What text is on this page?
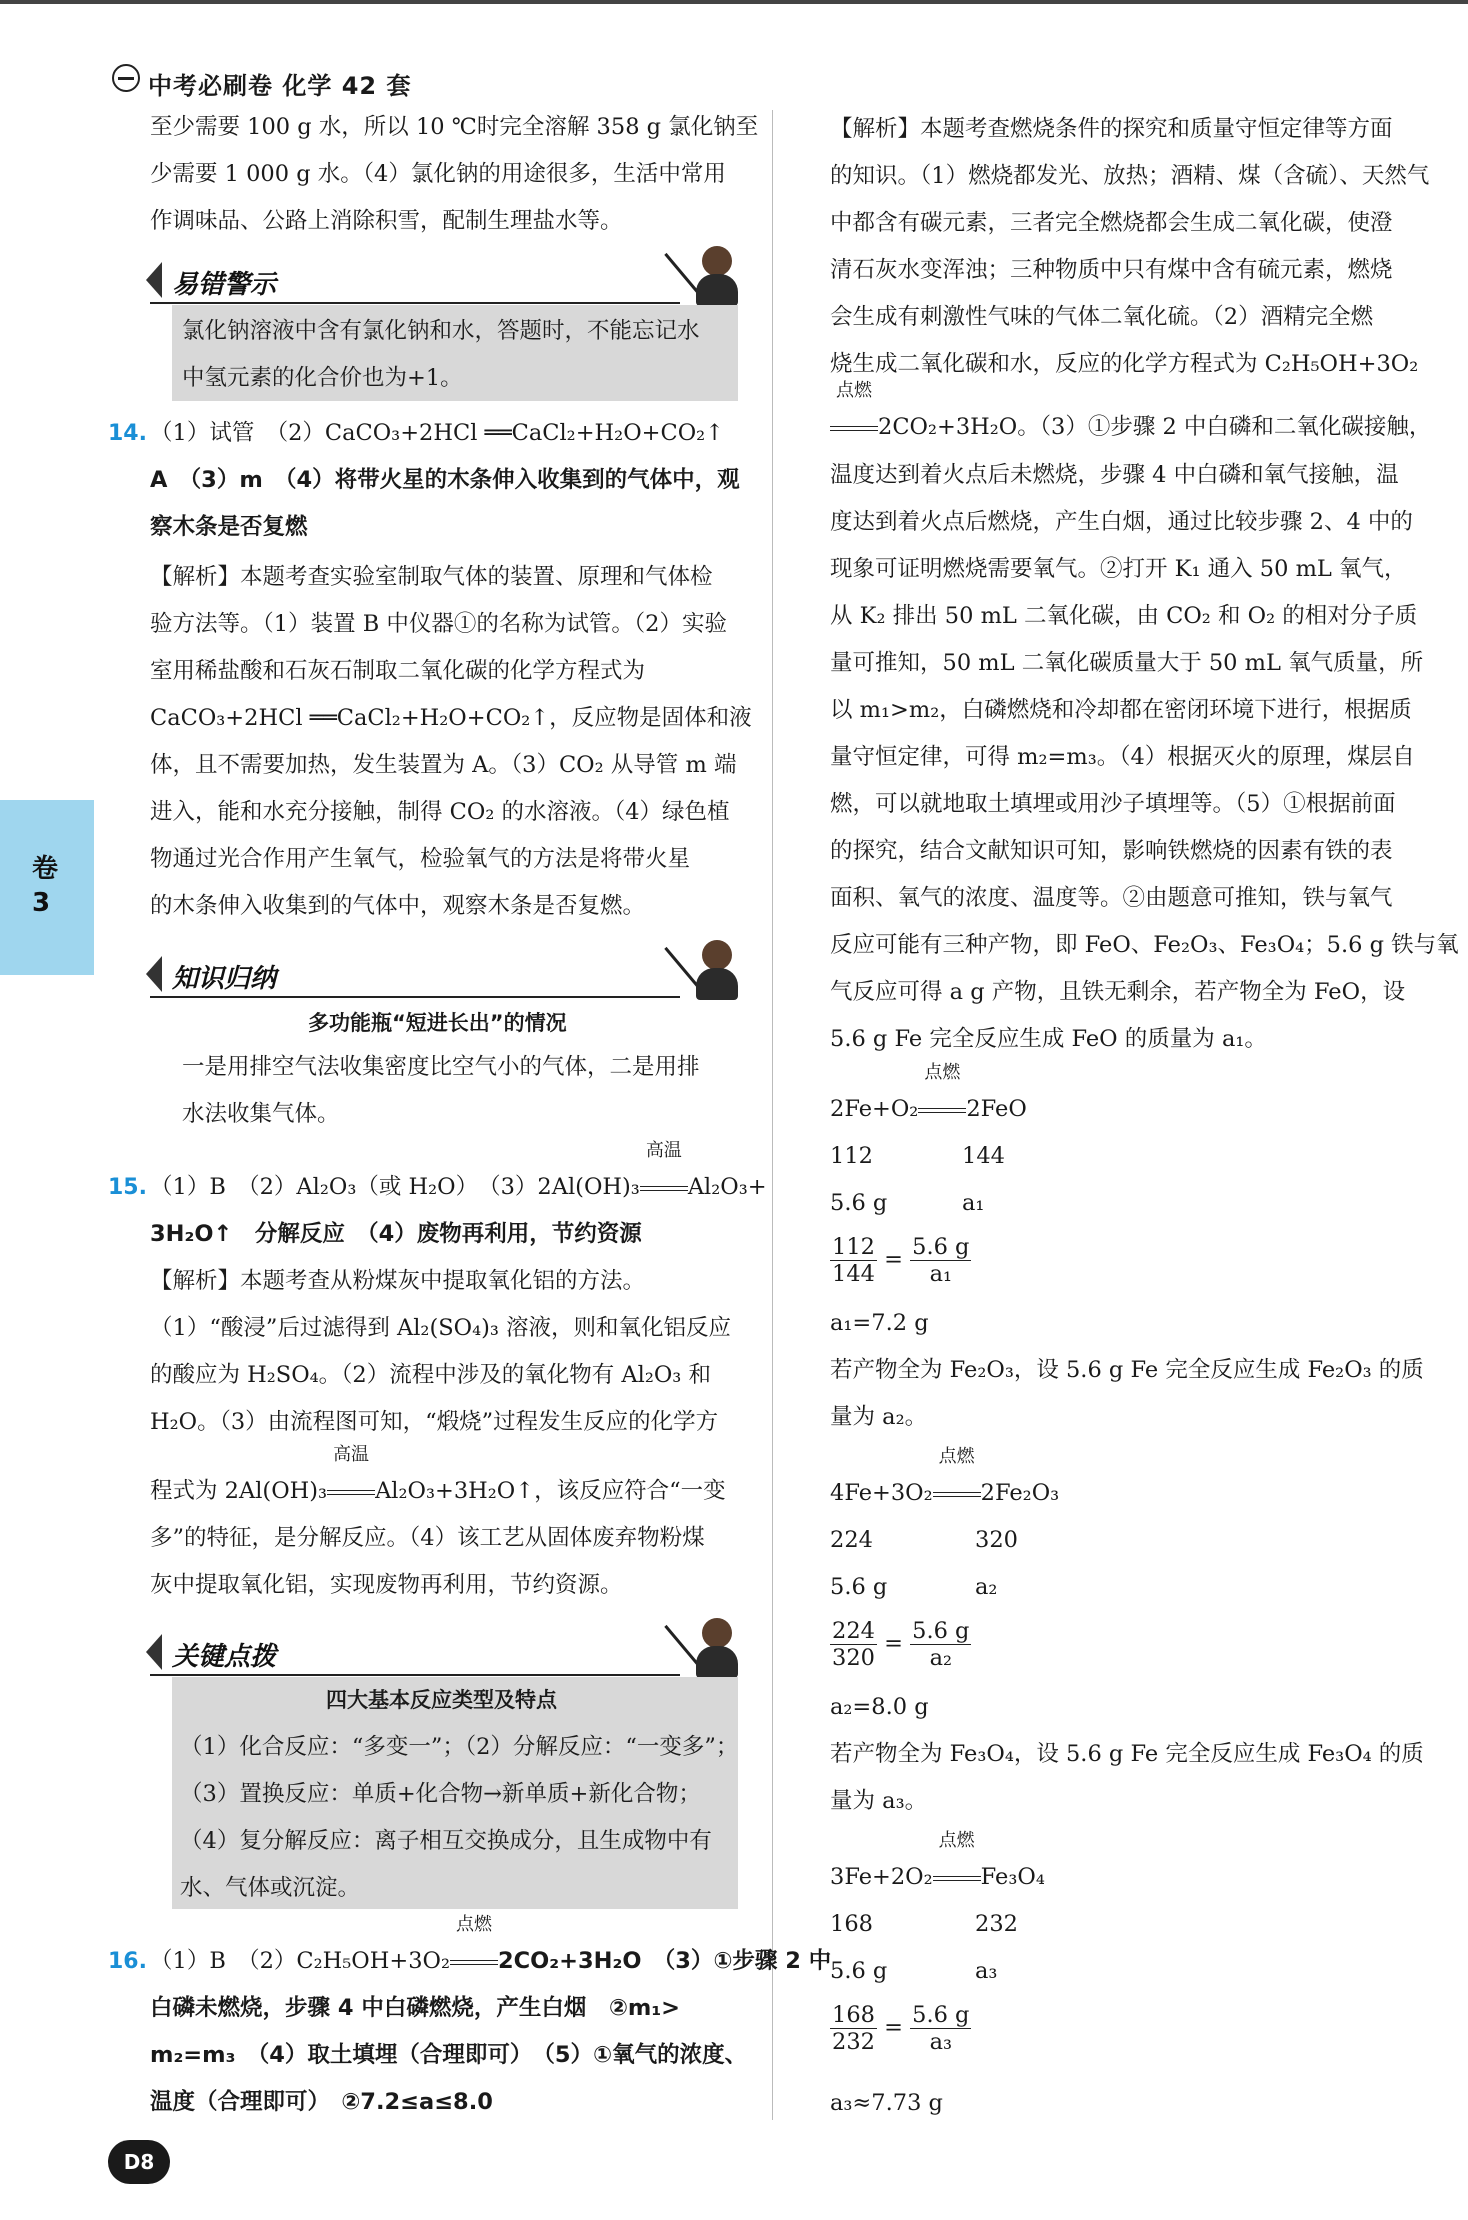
中考必刷卷 化学 42 套
卷
3
至少需要 100 g 水，所以 10 ℃时完全溶解 358 g 氯化钠至
少需要 1 000 g 水。（4）氯化钠的用途很多，生活中常用
作调味品、公路上消除积雪，配制生理盐水等。
易错警示
氯化钠溶液中含有氯化钠和水，答题时，不能忘记水
中氢元素的化合价也为+1。
14. （1）试管　（2）CaCO₃+2HCl ══CaCl₂+H₂O+CO₂↑
A　（3）m　（4）将带火星的木条伸入收集到的气体中，观
察木条是否复燃
【解析】本题考查实验室制取气体的装置、原理和气体检
验方法等。（1）装置 B 中仪器①的名称为试管。（2）实验
室用稀盐酸和石灰石制取二氧化碳的化学方程式为
CaCO₃+2HCl ══CaCl₂+H₂O+CO₂↑，反应物是固体和液
体，且不需要加热，发生装置为 A。（3）CO₂ 从导管 m 端
进入，能和水充分接触，制得 CO₂ 的水溶液。（4）绿色植
物通过光合作用产生氧气，检验氧气的方法是将带火星
的木条伸入收集到的气体中，观察木条是否复燃。
知识归纳
多功能瓶“短进长出”的情况
一是用排空气法收集密度比空气小的气体，二是用排
水法收集气体。
15. （1）B　（2）Al₂O₃（或 H₂O）　（3）2Al(OH)₃
高温
Al₂O₃+
3H₂O↑　分解反应　（4）废物再利用，节约资源
【解析】本题考查从粉煤灰中提取氧化铝的方法。
（1）“酸浸”后过滤得到 Al₂(SO₄)₃ 溶液，则和氧化铝反应
的酸应为 H₂SO₄。（2）流程中涉及的氧化物有 Al₂O₃ 和
H₂O。（3）由流程图可知，“煅烧”过程发生反应的化学方
程式为 2Al(OH)₃
高温
Al₂O₃+3H₂O↑，该反应符合“一变
多”的特征，是分解反应。（4）该工艺从固体废弃物粉煤
灰中提取氧化铝，实现废物再利用，节约资源。
关键点拨
四大基本反应类型及特点
（1）化合反应：“多变一”；（2）分解反应：“一变多”；
（3）置换反应：单质+化合物→新单质+新化合物；
（4）复分解反应：离子相互交换成分，且生成物中有
水、气体或沉淀。
16. （1）B　（2）C₂H₅OH+3O₂
点燃
2CO₂+3H₂O　（3）①步骤 2 中
白磷未燃烧，步骤 4 中白磷燃烧，产生白烟　②m₁>
m₂=m₃　（4）取土填埋（合理即可）　（5）①氧气的浓度、
温度（合理即可）　②7.2≤a≤8.0
【解析】本题考查燃烧条件的探究和质量守恒定律等方面
的知识。（1）燃烧都发光、放热；酒精、煤（含硫）、天然气
中都含有碳元素，三者完全燃烧都会生成二氧化碳，使澄
清石灰水变浑浊；三种物质中只有煤中含有硫元素，燃烧
会生成有刺激性气味的气体二氧化硫。（2）酒精完全燃
烧生成二氧化碳和水，反应的化学方程式为 C₂H₅OH+3O₂
点燃
2CO₂+3H₂O。（3）①步骤 2 中白磷和二氧化碳接触，
温度达到着火点后未燃烧，步骤 4 中白磷和氧气接触，温
度达到着火点后燃烧，产生白烟，通过比较步骤 2、4 中的
现象可证明燃烧需要氧气。②打开 K₁ 通入 50 mL 氧气，
从 K₂ 排出 50 mL 二氧化碳，由 CO₂ 和 O₂ 的相对分子质
量可推知，50 mL 二氧化碳质量大于 50 mL 氧气质量，所
以 m₁>m₂，白磷燃烧和冷却都在密闭环境下进行，根据质
量守恒定律，可得 m₂=m₃。（4）根据灭火的原理，煤层自
燃，可以就地取土填埋或用沙子填埋等。（5）①根据前面
的探究，结合文献知识可知，影响铁燃烧的因素有铁的表
面积、氧气的浓度、温度等。②由题意可推知，铁与氧气
反应可能有三种产物，即 FeO、Fe₂O₃、Fe₃O₄；5.6 g 铁与氧
气反应可得 a g 产物，且铁无剩余，若产物全为 FeO，设
5.6 g Fe 完全反应生成 FeO 的质量为 a₁。
2Fe+O₂
点燃
2FeO
112	144
5.6 g	a₁
$\frac{112}{144} = \frac{5.6 g}{\text{a₁}}$
a₁=7.2 g
若产物全为 Fe₂O₃，设 5.6 g Fe 完全反应生成 Fe₂O₃ 的质
量为 a₂。
4Fe+3O₂
点燃
2Fe₂O₃
224	320
5.6 g	a₂
$\frac{224}{320} = \frac{5.6 g}{\text{a₂}}$
a₂=8.0 g
若产物全为 Fe₃O₄，设 5.6 g Fe 完全反应生成 Fe₃O₄ 的质
量为 a₃。
3Fe+2O₂
点燃
Fe₃O₄
168	232
5.6 g	a₃
$\frac{168}{232} = \frac{5.6 g}{\text{a₃}}$
a₃≈7.73 g
D8
